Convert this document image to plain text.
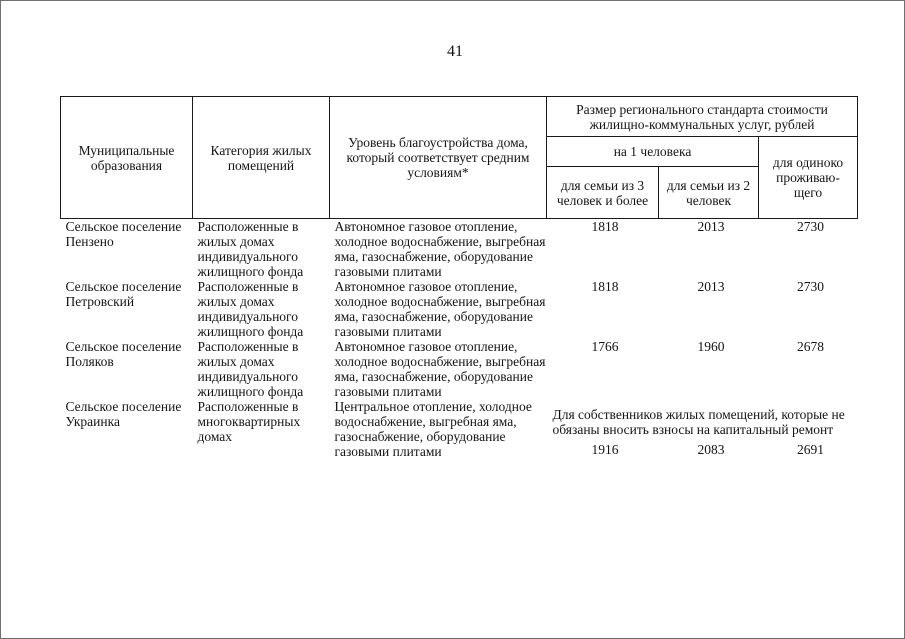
41
Муниципальные образования	Категория жилых помещений	Уровень благоустройства дома, который соответствует средним условиям*	Размер регионального стандарта стоимости жилищно-коммунальных услуг, рублей		
			на 1 человека		для одиноко проживаю-щего
			для семьи из 3 человек и более	для семьи из 2 человек	
Сельское поселение Пензено	Расположенные в жилых домах индивидуального жилищного фонда	Автономное газовое отопление, холодное водоснабжение, выгребная яма, газоснабжение, оборудование газовыми плитами	1818	2013	2730
Сельское поселение Петровский	Расположенные в жилых домах индивидуального жилищного фонда	Автономное газовое отопление, холодное водоснабжение, выгребная яма, газоснабжение, оборудование газовыми плитами	1818	2013	2730
Сельское поселение Поляков	Расположенные в жилых домах индивидуального жилищного фонда	Автономное газовое отопление, холодное водоснабжение, выгребная яма, газоснабжение, оборудование газовыми плитами	1766	1960	2678
Сельское поселение Украинка	Расположенные в многоквартирных домах	Центральное отопление, холодное водоснабжение, выгребная яма, газоснабжение, оборудование газовыми плитами	Для собственников жилых помещений, которые не обязаны вносить взносы на капитальный ремонт		
			1916	2083	2691
